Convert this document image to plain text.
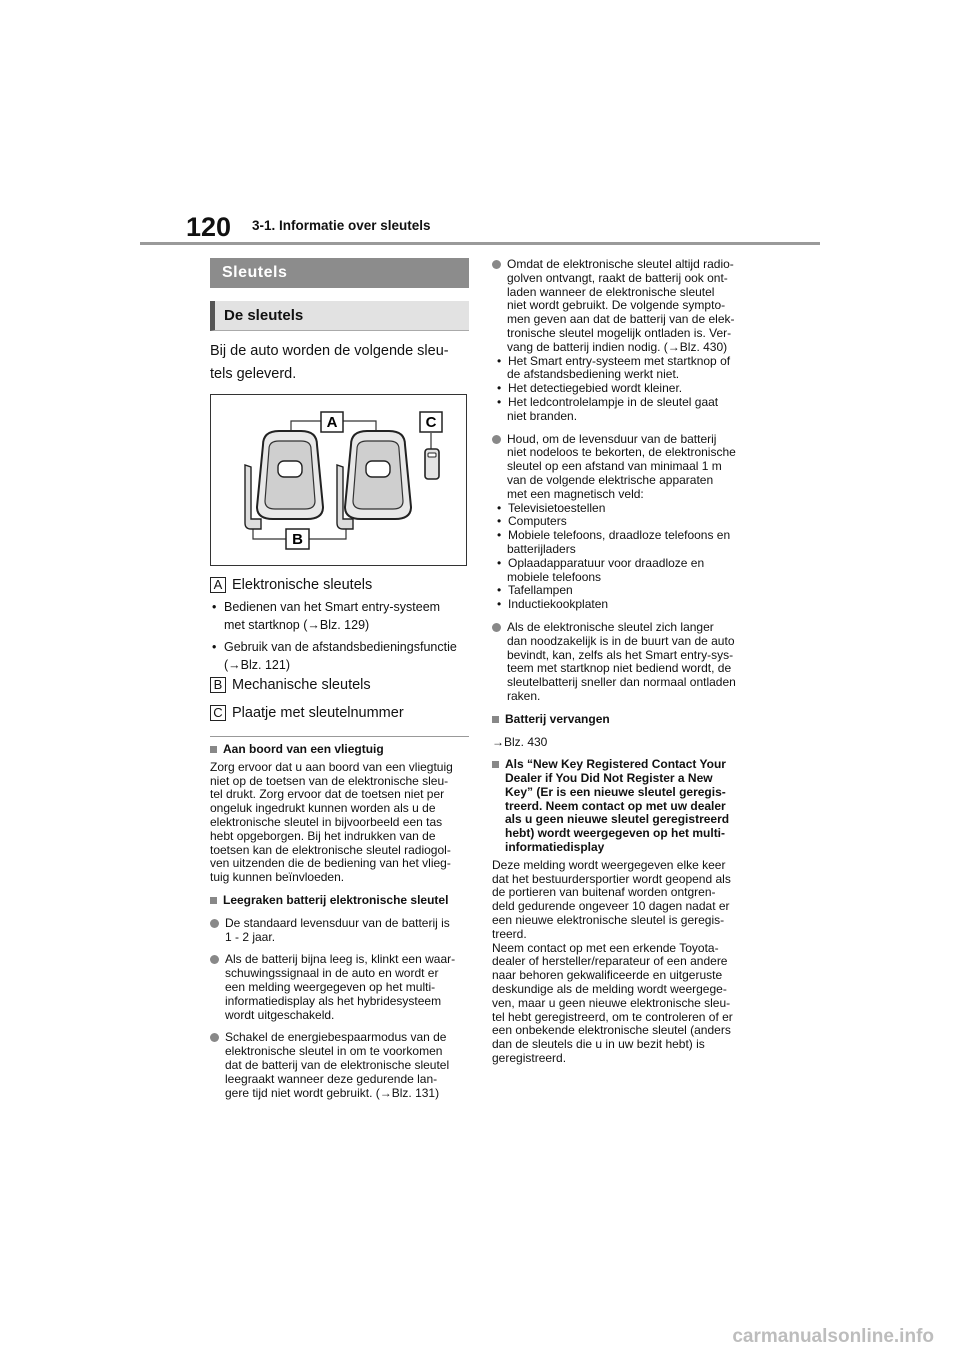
120 3-1. Informatie over sleutels
Sleutels
De sleutels
Bij de auto worden de volgende sleu-
tels geleverd.
A	C
B
A Elektronische sleutels
• Bedienen van het Smart entry-systeem
met startknop (→Blz. 129)
• Gebruik van de afstandsbedieningsfunctie
(→Blz. 121)
B Mechanische sleutels
C Plaatje met sleutelnummer
Aan boord van een vliegtuig
Zorg ervoor dat u aan boord van een vliegtuig
niet op de toetsen van de elektronische sleu-
tel drukt. Zorg ervoor dat de toetsen niet per
ongeluk ingedrukt kunnen worden als u de
elektronische sleutel in bijvoorbeeld een tas
hebt opgeborgen. Bij het indrukken van de
toetsen kan de elektronische sleutel radiogol-
ven uitzenden die de bediening van het vlieg-
tuig kunnen beïnvloeden.
Leegraken batterij elektronische sleutel
De standaard levensduur van de batterij is
1 - 2 jaar.
Als de batterij bijna leeg is, klinkt een waar-
schuwingssignaal in de auto en wordt er
een melding weergegeven op het multi-
informatiedisplay als het hybridesysteem
wordt uitgeschakeld.
Schakel de energiebespaarmodus van de
elektronische sleutel in om te voorkomen
dat de batterij van de elektronische sleutel
leegraakt wanneer deze gedurende lan-
gere tijd niet wordt gebruikt. (→Blz. 131)
Omdat de elektronische sleutel altijd radio-
golven ontvangt, raakt de batterij ook ont-
laden wanneer de elektronische sleutel
niet wordt gebruikt. De volgende sympto-
men geven aan dat de batterij van de elek-
tronische sleutel mogelijk ontladen is. Ver-
vang de batterij indien nodig. (→Blz. 430)
• Het Smart entry-systeem met startknop of
de afstandsbediening werkt niet.
• Het detectiegebied wordt kleiner.
• Het ledcontrolelampje in de sleutel gaat
niet branden.
Houd, om de levensduur van de batterij
niet nodeloos te bekorten, de elektronische
sleutel op een afstand van minimaal 1 m
van de volgende elektrische apparaten
met een magnetisch veld:
• Televisietoestellen
• Computers
• Mobiele telefoons, draadloze telefoons en
batterijladers
• Oplaadapparatuur voor draadloze en
mobiele telefoons
• Tafellampen
• Inductiekookplaten
Als de elektronische sleutel zich langer
dan noodzakelijk is in de buurt van de auto
bevindt, kan, zelfs als het Smart entry-sys-
teem met startknop niet bediend wordt, de
sleutelbatterij sneller dan normaal ontladen
raken.
Batterij vervangen
→Blz. 430
Als “New Key Registered Contact Your
Dealer if You Did Not Register a New
Key” (Er is een nieuwe sleutel geregis-
treerd. Neem contact op met uw dealer
als u geen nieuwe sleutel geregistreerd
hebt) wordt weergegeven op het multi-
informatiedisplay
Deze melding wordt weergegeven elke keer
dat het bestuurdersportier wordt geopend als
de portieren van buitenaf worden ontgren-
deld gedurende ongeveer 10 dagen nadat er
een nieuwe elektronische sleutel is geregis-
treerd.
Neem contact op met een erkende Toyota-
dealer of hersteller/reparateur of een andere
naar behoren gekwalificeerde en uitgeruste
deskundige als de melding wordt weergege-
ven, maar u geen nieuwe elektronische sleu-
tel hebt geregistreerd, om te controleren of er
een onbekende elektronische sleutel (anders
dan de sleutels die u in uw bezit hebt) is
geregistreerd.
carmanualsonline.info
